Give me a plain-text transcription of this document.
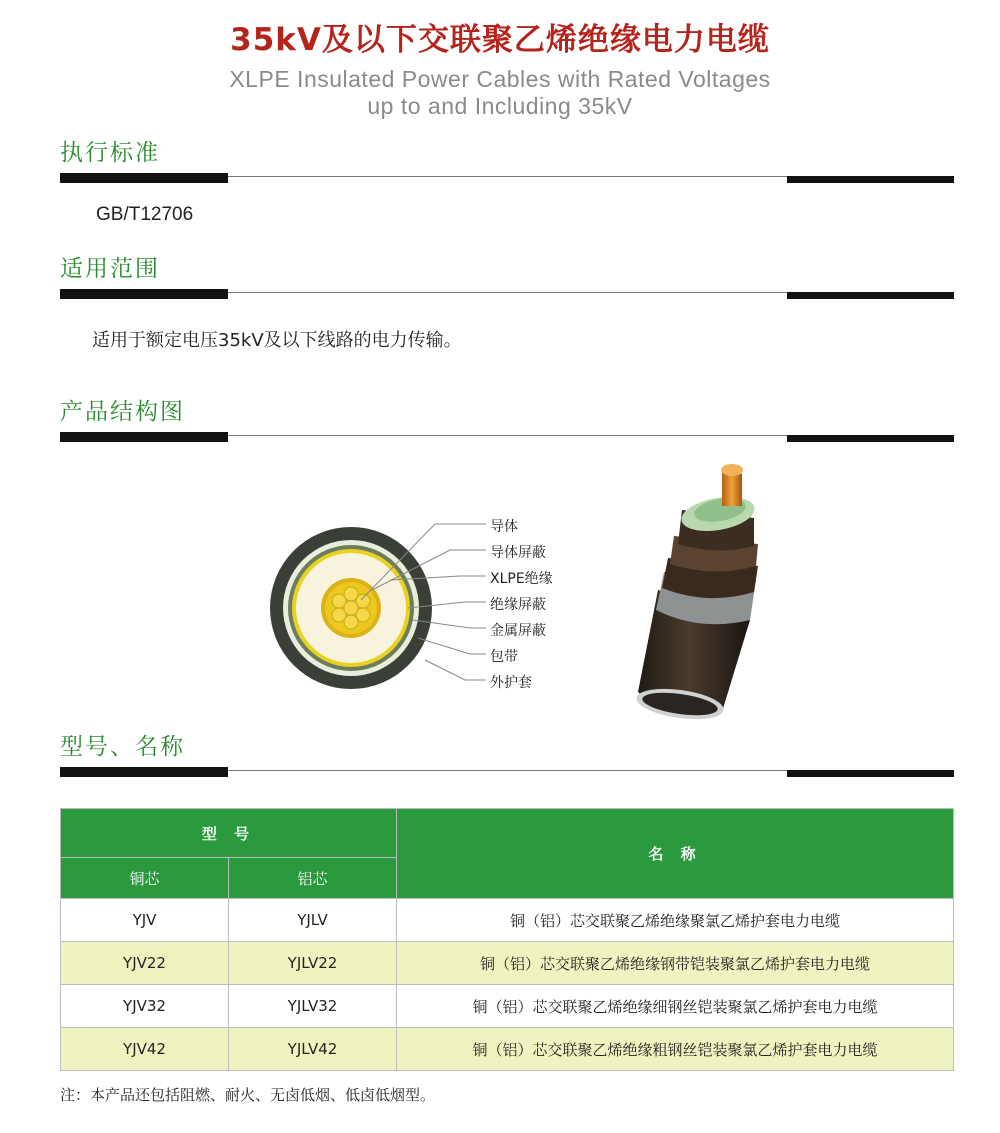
35kV及以下交联聚乙烯绝缘电力电缆
XLPE Insulated Power Cables with Rated Voltages
up to and Including 35kV
执行标准
GB/T12706
适用范围
适用于额定电压35kV及以下线路的电力传输。
产品结构图
导体
导体屏蔽
XLPE绝缘
绝缘屏蔽
金属屏蔽
包带
外护套
型号、名称
型 号		名 称
铜芯	铝芯	
YJV	YJLV	铜（铝）芯交联聚乙烯绝缘聚氯乙烯护套电力电缆
YJV22	YJLV22	铜（铝）芯交联聚乙烯绝缘钢带铠装聚氯乙烯护套电力电缆
YJV32	YJLV32	铜（铝）芯交联聚乙烯绝缘细钢丝铠装聚氯乙烯护套电力电缆
YJV42	YJLV42	铜（铝）芯交联聚乙烯绝缘粗钢丝铠装聚氯乙烯护套电力电缆
注：本产品还包括阻燃、耐火、无卤低烟、低卤低烟型。
